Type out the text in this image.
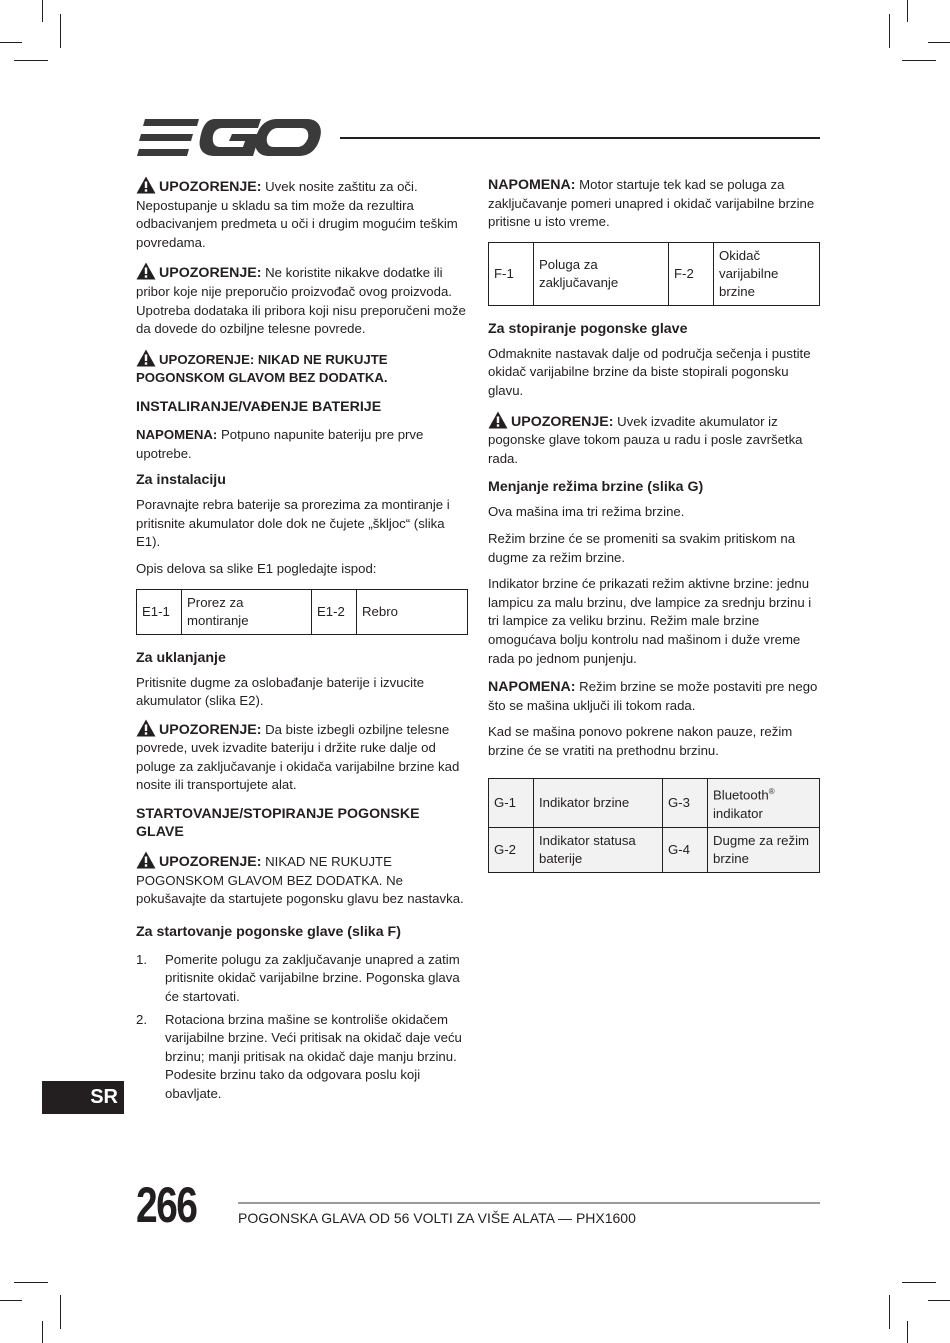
UPOZORENJE: Uvek nosite zaštitu za oči. Nepostupanje u skladu sa tim može da rezultira odbacivanjem predmeta u oči i drugim mogućim teškim povredama.

UPOZORENJE: Ne koristite nikakve dodatke ili pribor koje nije preporučio proizvođač ovog proizvoda. Upotreba dodataka ili pribora koji nisu preporučeni može da dovede do ozbiljne telesne povrede.

UPOZORENJE: NIKAD NE RUKUJTE POGONSKOM GLAVOM BEZ DODATKA.

INSTALIRANJE/VAĐENJE BATERIJE

NAPOMENA: Potpuno napunite bateriju pre prve upotrebe.

Za instalaciju

Poravnajte rebra baterije sa prorezima za montiranje i pritisnite akumulator dole dok ne čujete „škljoc“ (slika E1).

Opis delova sa slike E1 pogledajte ispod:

E1-1	Prorez za montiranje	E1-2	Rebro
Za uklanjanje

Pritisnite dugme za oslobađanje baterije i izvucite akumulator (slika E2).

UPOZORENJE: Da biste izbegli ozbiljne telesne povrede, uvek izvadite bateriju i držite ruke dalje od poluge za zaključavanje i okidača varijabilne brzine kad nosite ili transportujete alat.

STARTOVANJE/STOPIRANJE POGONSKE GLAVE

UPOZORENJE: NIKAD NE RUKUJTE POGONSKOM GLAVOM BEZ DODATKA. Ne pokušavajte da startujete pogonsku glavu bez nastavka.

Za startovanje pogonske glave (slika F)
1. Pomerite polugu za zaključavanje unapred a zatim pritisnite okidač varijabilne brzine. Pogonska glava će startovati.
2. Rotaciona brzina mašine se kontroliše okidačem varijabilne brzine. Veći pritisak na okidač daje veću brzinu; manji pritisak na okidač daje manju brzinu. Podesite brzinu tako da odgovara poslu koji obavljate.

NAPOMENA: Motor startuje tek kad se poluga za zaključavanje pomeri unapred i okidač varijabilne brzine pritisne u isto vreme.

F-1	Poluga za zaključavanje	F-2	Okidač varijabilne brzine
Za stopiranje pogonske glave

Odmaknite nastavak dalje od područja sečenja i pustite okidač varijabilne brzine da biste stopirali pogonsku glavu.

UPOZORENJE: Uvek izvadite akumulator iz pogonske glave tokom pauza u radu i posle završetka rada.

Menjanje režima brzine (slika G)

Ova mašina ima tri režima brzine.

Režim brzine će se promeniti sa svakim pritiskom na dugme za režim brzine.

Indikator brzine će prikazati režim aktivne brzine: jednu lampicu za malu brzinu, dve lampice za srednju brzinu i tri lampice za veliku brzinu. Režim male brzine omogućava bolju kontrolu nad mašinom i duže vreme rada po jednom punjenju.

NAPOMENA: Režim brzine se može postaviti pre nego što se mašina uključi ili tokom rada.

Kad se mašina ponovo pokrene nakon pauze, režim brzine će se vratiti na prethodnu brzinu.

G-1	Indikator brzine	G-3	Bluetooth®
indikator
G-2	Indikator statusa baterije	G-4	Dugme za režim brzine
SR
266	POGONSKA GLAVA OD 56 VOLTI ZA VIŠE ALATA — PHX1600
